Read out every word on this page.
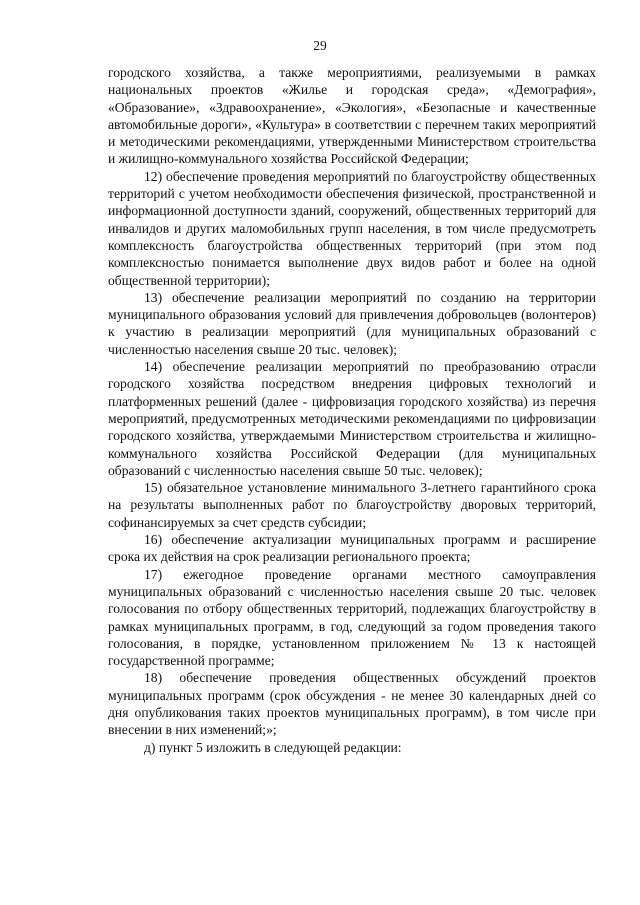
29

городского хозяйства, а также мероприятиями, реализуемыми в рамках национальных проектов «Жилье и городская среда», «Демография», «Образование», «Здравоохранение», «Экология», «Безопасные и качественные автомобильные дороги», «Культура» в соответствии с перечнем таких мероприятий и методическими рекомендациями, утвержденными Министерством строительства и жилищно-коммунального хозяйства Российской Федерации;

12) обеспечение проведения мероприятий по благоустройству общественных территорий с учетом необходимости обеспечения физической, пространственной и информационной доступности зданий, сооружений, общественных территорий для инвалидов и других маломобильных групп населения, в том числе предусмотреть комплексность благоустройства общественных территорий (при этом под комплексностью понимается выполнение двух видов работ и более на одной общественной территории);

13) обеспечение реализации мероприятий по созданию на территории муниципального образования условий для привлечения добровольцев (волонтеров) к участию в реализации мероприятий (для муниципальных образований с численностью населения свыше 20 тыс. человек);

14) обеспечение реализации мероприятий по преобразованию отрасли городского хозяйства посредством внедрения цифровых технологий и платформенных решений (далее - цифровизация городского хозяйства) из перечня мероприятий, предусмотренных методическими рекомендациями по цифровизации городского хозяйства, утверждаемыми Министерством строительства и жилищно-коммунального хозяйства Российской Федерации (для муниципальных образований с численностью населения свыше 50 тыс. человек);

15) обязательное установление минимального 3-летнего гарантийного срока на результаты выполненных работ по благоустройству дворовых территорий, софинансируемых за счет средств субсидии;

16) обеспечение актуализации муниципальных программ и расширение срока их действия на срок реализации регионального проекта;

17) ежегодное проведение органами местного самоуправления муниципальных образований с численностью населения свыше 20 тыс. человек голосования по отбору общественных территорий, подлежащих благоустройству в рамках муниципальных программ, в год, следующий за годом проведения такого голосования, в порядке, установленном приложением № 13 к настоящей государственной программе;

18) обеспечение проведения общественных обсуждений проектов муниципальных программ (срок обсуждения - не менее 30 календарных дней со дня опубликования таких проектов муниципальных программ), в том числе при внесении в них изменений;»;

д) пункт 5 изложить в следующей редакции:
